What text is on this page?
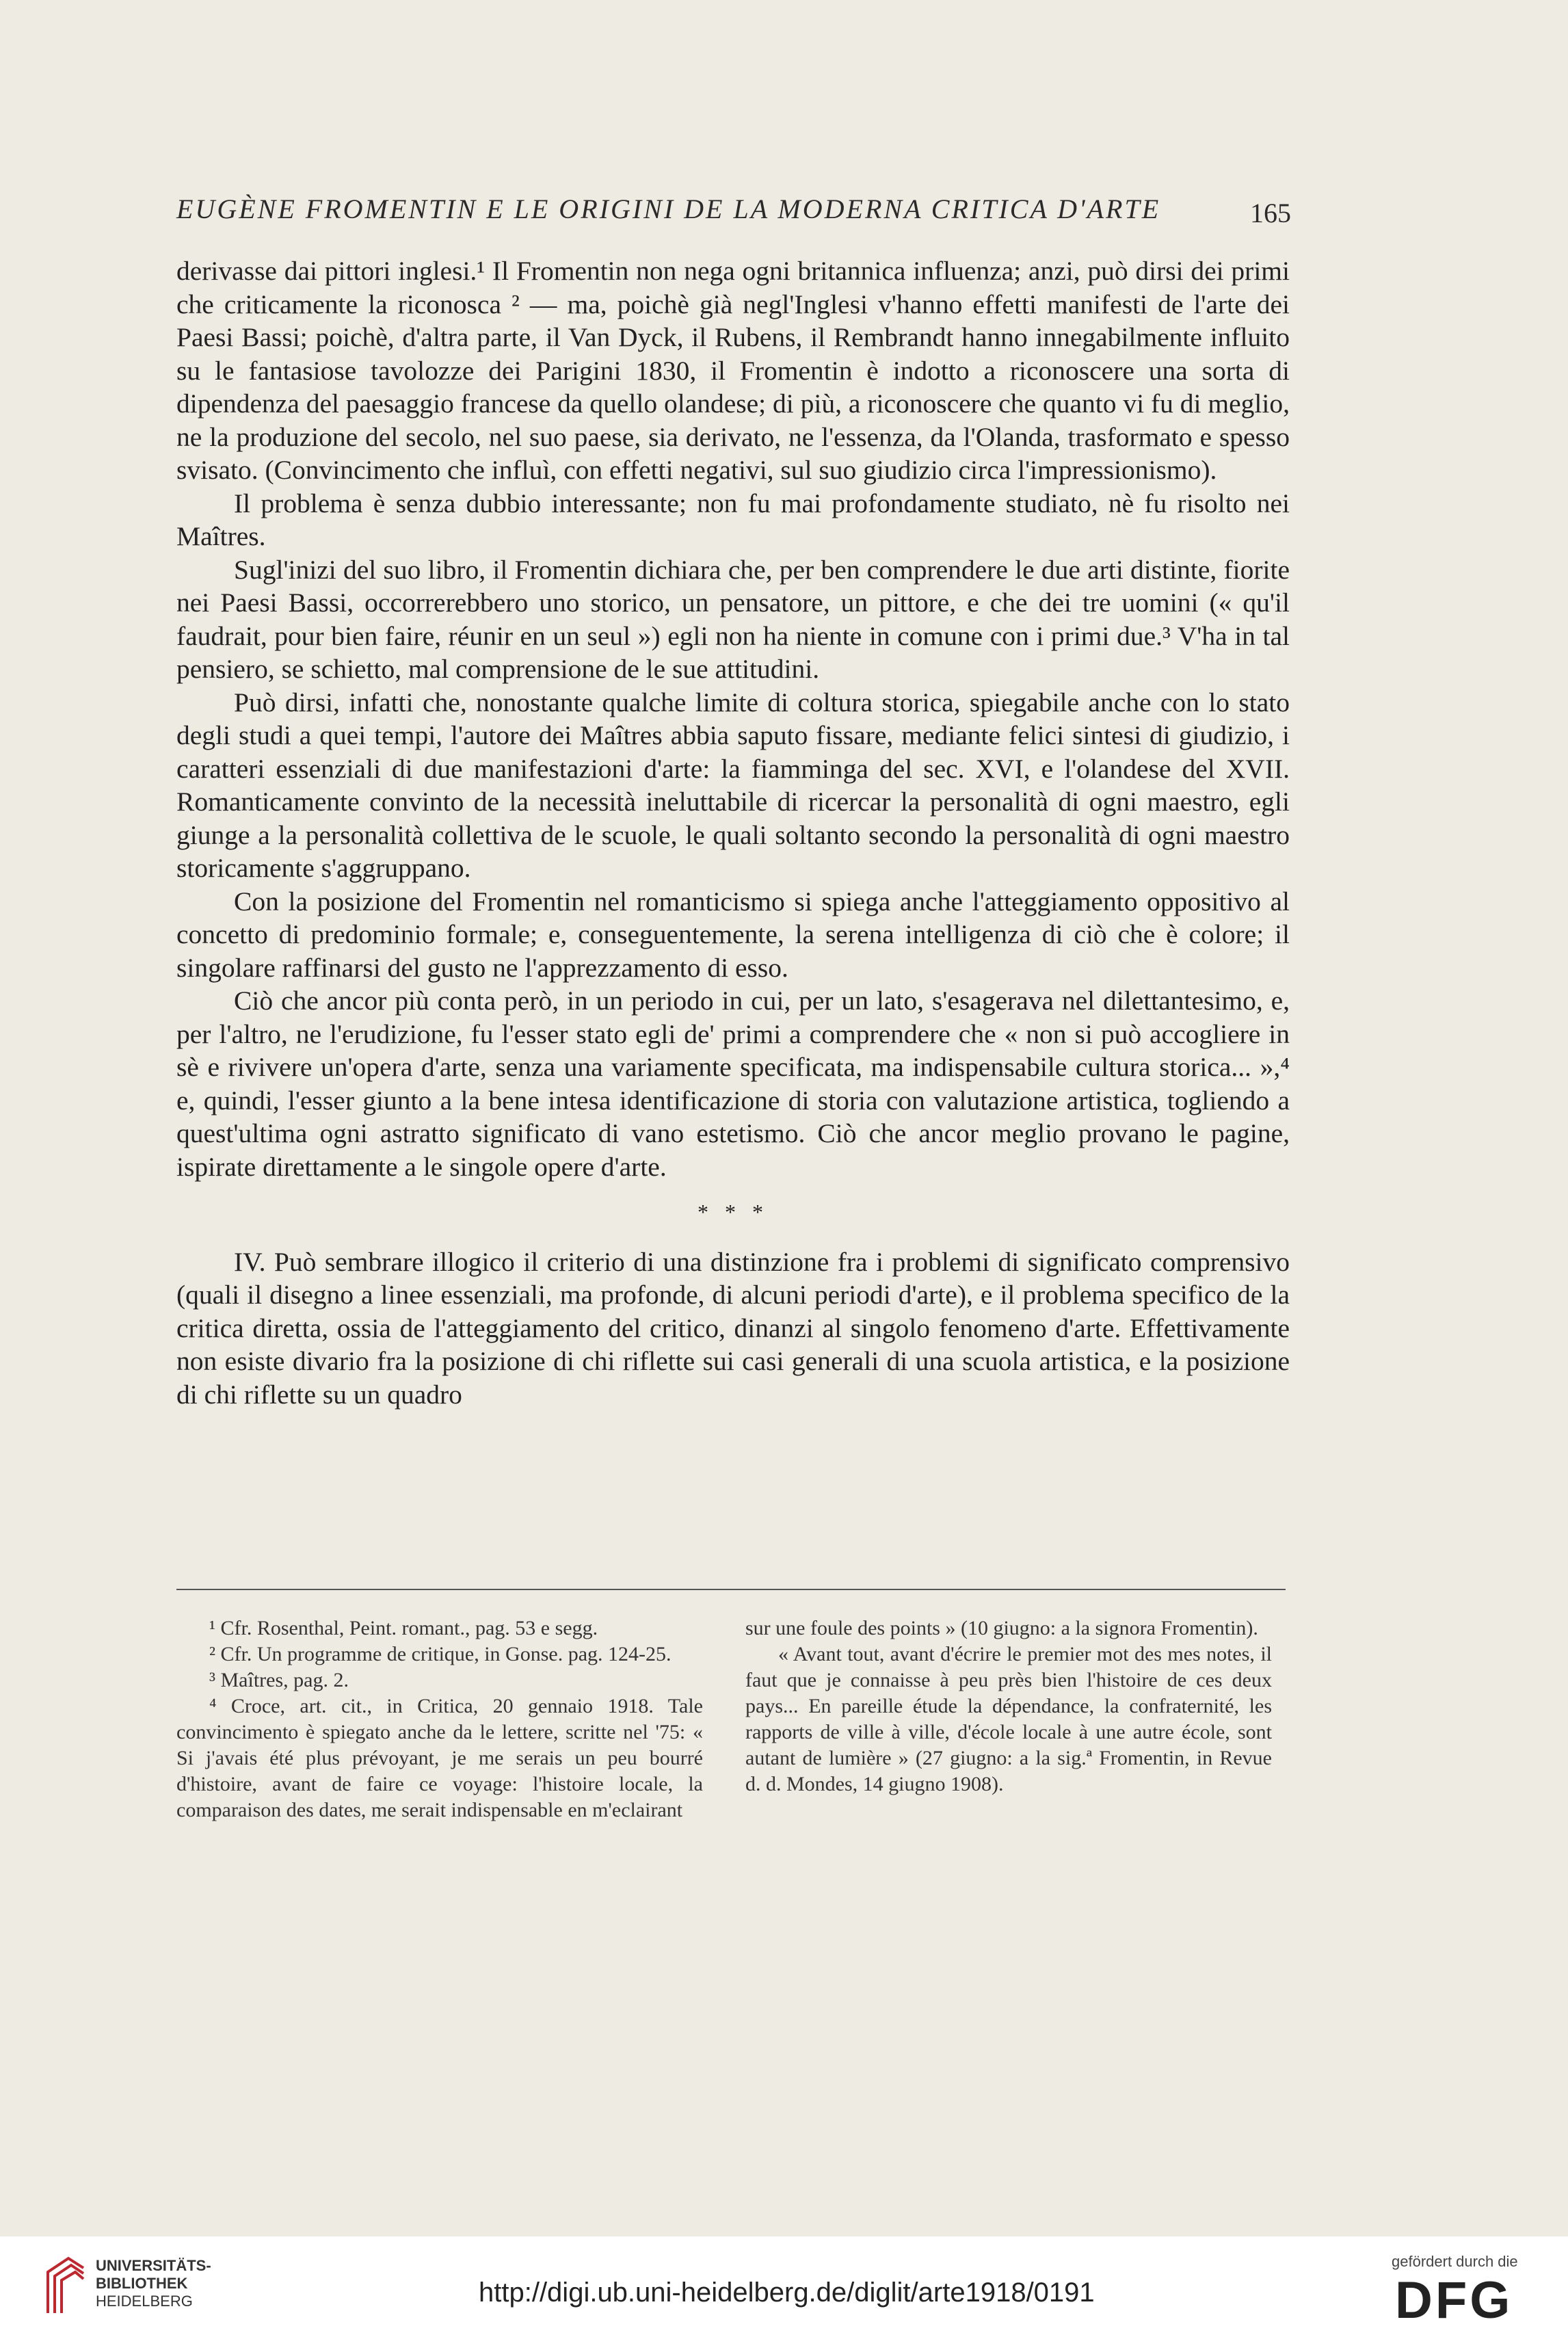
EUGÈNE FROMENTIN E LE ORIGINI DE LA MODERNA CRITICA D'ARTE	165

derivasse dai pittori inglesi.¹ Il Fromentin non nega ogni britannica influenza; anzi, può dirsi dei primi che criticamente la riconosca ² — ma, poichè già negl'Inglesi v'hanno effetti manifesti de l'arte dei Paesi Bassi; poichè, d'altra parte, il Van Dyck, il Rubens, il Rembrandt hanno innegabilmente influito su le fantasiose tavolozze dei Parigini 1830, il Fromentin è indotto a riconoscere una sorta di dipendenza del paesaggio francese da quello olandese; di più, a riconoscere che quanto vi fu di meglio, ne la produzione del secolo, nel suo paese, sia derivato, ne l'essenza, da l'Olanda, trasformato e spesso svisato. (Convincimento che influì, con effetti negativi, sul suo giudizio circa l'impressionismo).

Il problema è senza dubbio interessante; non fu mai profondamente studiato, nè fu risolto nei Maîtres.

Sugl'inizi del suo libro, il Fromentin dichiara che, per ben comprendere le due arti distinte, fiorite nei Paesi Bassi, occorrerebbero uno storico, un pensatore, un pittore, e che dei tre uomini (« qu'il faudrait, pour bien faire, réunir en un seul ») egli non ha niente in comune con i primi due.³ V'ha in tal pensiero, se schietto, mal comprensione de le sue attitudini.

Può dirsi, infatti che, nonostante qualche limite di coltura storica, spiegabile anche con lo stato degli studi a quei tempi, l'autore dei Maîtres abbia saputo fissare, mediante felici sintesi di giudizio, i caratteri essenziali di due manifestazioni d'arte: la fiamminga del sec. XVI, e l'olandese del XVII. Romanticamente convinto de la necessità ineluttabile di ricercar la personalità di ogni maestro, egli giunge a la personalità collettiva de le scuole, le quali soltanto secondo la personalità di ogni maestro storicamente s'aggruppano.

Con la posizione del Fromentin nel romanticismo si spiega anche l'atteggiamento oppositivo al concetto di predominio formale; e, conseguentemente, la serena intelligenza di ciò che è colore; il singolare raffinarsi del gusto ne l'apprezzamento di esso.

Ciò che ancor più conta però, in un periodo in cui, per un lato, s'esagerava nel dilettantesimo, e, per l'altro, ne l'erudizione, fu l'esser stato egli de' primi a comprendere che « non si può accogliere in sè e rivivere un'opera d'arte, senza una variamente specificata, ma indispensabile cultura storica... »,⁴ e, quindi, l'esser giunto a la bene intesa identificazione di storia con valutazione artistica, togliendo a quest'ultima ogni astratto significato di vano estetismo. Ciò che ancor meglio provano le pagine, ispirate direttamente a le singole opere d'arte.

* * *

IV. Può sembrare illogico il criterio di una distinzione fra i problemi di significato comprensivo (quali il disegno a linee essenziali, ma profonde, di alcuni periodi d'arte), e il problema specifico de la critica diretta, ossia de l'atteggiamento del critico, dinanzi al singolo fenomeno d'arte. Effettivamente non esiste divario fra la posizione di chi riflette sui casi generali di una scuola artistica, e la posizione di chi riflette su un quadro

¹ Cfr. Rosenthal, Peint. romant., pag. 53 e segg.

² Cfr. Un programme de critique, in Gonse. pag. 124-25.

³ Maîtres, pag. 2.

⁴ Croce, art. cit., in Critica, 20 gennaio 1918. Tale convincimento è spiegato anche da le lettere, scritte nel '75: « Si j'avais été plus prévoyant, je me serais un peu bourré d'histoire, avant de faire ce voyage: l'histoire locale, la comparaison des dates, me serait indispensable en m'eclairant

sur une foule des points » (10 giugno: a la signora Fromentin).

« Avant tout, avant d'écrire le premier mot des mes notes, il faut que je connaisse à peu près bien l'histoire de ces deux pays... En pareille étude la dépendance, la confraternité, les rapports de ville à ville, d'école locale à une autre école, sont autant de lumière » (27 giugno: a la sig.ª Fromentin, in Revue d. d. Mondes, 14 giugno 1908).

UNIVERSITÄTS-
BIBLIOTHEK
HEIDELBERG	http://digi.ub.uni-heidelberg.de/diglit/arte1918/0191
gefördert durch die
DFG
